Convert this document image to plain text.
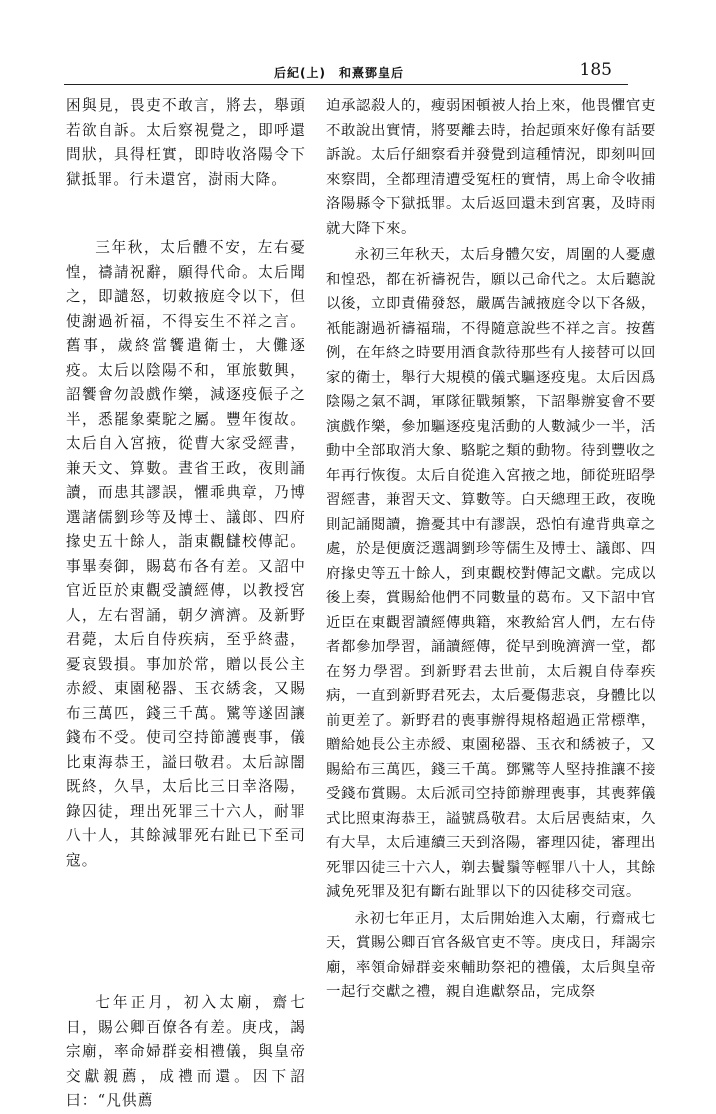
后紀(上)　和熹鄧皇后	185

困與見，畏吏不敢言，將去，舉頭若欲自訴。太后察視覺之，即呼還問狀，具得枉實，即時收洛陽令下獄抵罪。行未還宮，澍雨大降。

三年秋，太后體不安，左右憂惶，禱請祝辭，願得代命。太后聞之，即譴怒，切敕掖庭令以下，但使謝過祈福，不得妄生不祥之言。舊事，歲終當饗遣衛士，大儺逐疫。太后以陰陽不和，軍旅數興，詔饗會勿設戲作樂，減逐疫侲子之半，悉罷象橐駝之屬。豐年復故。太后自入宮掖，從曹大家受經書，兼天文、算數。晝省王政，夜則誦讀，而患其謬誤，懼乖典章，乃博選諸儒劉珍等及博士、議郎、四府掾史五十餘人，詣東觀讎校傳記。事畢奏御，賜葛布各有差。又詔中官近臣於東觀受讀經傳，以教授宮人，左右習誦，朝夕濟濟。及新野君薨，太后自侍疾病，至乎終盡，憂哀毀損。事加於常，贈以長公主赤綬、東園秘器、玉衣綉衾，又賜布三萬匹，錢三千萬。騭等遂固讓錢布不受。使司空持節護喪事，儀比東海恭王，謚曰敬君。太后諒闇既終，久旱，太后比三日幸洛陽，錄囚徒，理出死罪三十六人，耐罪八十人，其餘減罪死右趾已下至司寇。

七年正月，初入太廟，齋七日，賜公卿百僚各有差。庚戌，謁宗廟，率命婦群妾相禮儀，與皇帝交獻親薦，成禮而還。因下詔曰：“凡供薦

迫承認殺人的，瘦弱困頓被人抬上來，他畏懼官吏不敢說出實情，將要離去時，抬起頭來好像有話要訴說。太后仔細察看并發覺到這種情況，即刻叫回來察問，全都理清遭受冤枉的實情，馬上命令收捕洛陽縣令下獄抵罪。太后返回還未到宮裏，及時雨就大降下來。

永初三年秋天，太后身體欠安，周圍的人憂慮和惶恐，都在祈禱祝告，願以己命代之。太后聽說以後，立即責備發怒，嚴厲告誡掖庭令以下各級，衹能謝過祈禱福瑞，不得隨意說些不祥之言。按舊例，在年終之時要用酒食款待那些有人接替可以回家的衛士，舉行大規模的儀式驅逐疫鬼。太后因爲陰陽之氣不調，軍隊征戰頻繁，下詔舉辦宴會不要演戲作樂，參加驅逐疫鬼活動的人數減少一半，活動中全部取消大象、駱駝之類的動物。待到豐收之年再行恢復。太后自從進入宮掖之地，師從班昭學習經書，兼習天文、算數等。白天總理王政，夜晚則記誦閱讀，擔憂其中有謬誤，恐怕有違背典章之處，於是便廣泛選調劉珍等儒生及博士、議郎、四府掾史等五十餘人，到東觀校對傳記文獻。完成以後上奏，賞賜給他們不同數量的葛布。又下詔中官近臣在東觀習讀經傳典籍，來教給宮人們，左右侍者都參加學習，誦讀經傳，從早到晚濟濟一堂，都在努力學習。到新野君去世前，太后親自侍奉疾病，一直到新野君死去，太后憂傷悲哀，身體比以前更差了。新野君的喪事辦得規格超過正常標準，贈給她長公主赤綬、東園秘器、玉衣和綉被子，又賜給布三萬匹，錢三千萬。鄧騭等人堅持推讓不接受錢布賞賜。太后派司空持節辦理喪事，其喪葬儀式比照東海恭王，謚號爲敬君。太后居喪結束，久有大旱，太后連續三天到洛陽，審理囚徒，審理出死罪囚徒三十六人，剃去鬢鬚等輕罪八十人，其餘減免死罪及犯有斷右趾罪以下的囚徒移交司寇。

永初七年正月，太后開始進入太廟，行齋戒七天，賞賜公卿百官各級官吏不等。庚戌日，拜謁宗廟，率領命婦群妾來輔助祭祀的禮儀，太后與皇帝一起行交獻之禮，親自進獻祭品，完成祭
